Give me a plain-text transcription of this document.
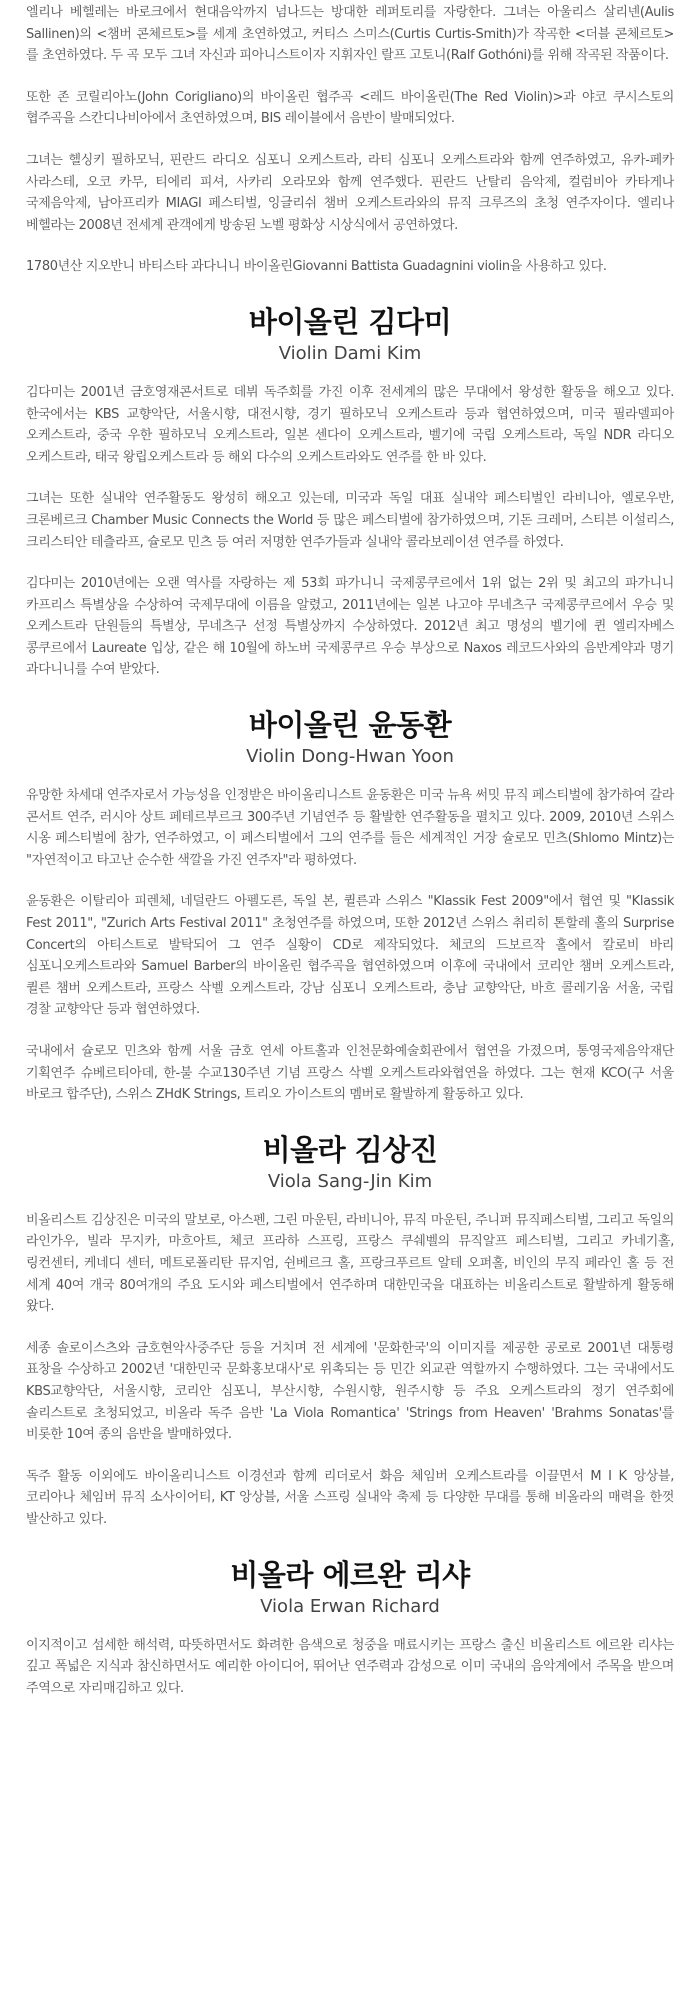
엘리나 베헬레는 바로크에서 현대음악까지 넘나드는 방대한 레퍼토리를 자랑한다. 그녀는 아울리스 살리넨(Aulis Sallinen)의 <챔버 콘체르토>를 세계 초연하였고, 커티스 스미스(Curtis Curtis-Smith)가 작곡한 <더블 콘체르토>를 초연하였다. 두 곡 모두 그녀 자신과 피아니스트이자 지휘자인 랄프 고토니(Ralf Gothóni)를 위해 작곡된 작품이다.

또한 존 코릴리아노(John Corigliano)의 바이올린 협주곡 <레드 바이올린(The Red Violin)>과 야코 쿠시스토의 협주곡을 스칸디나비아에서 초연하였으며, BIS 레이블에서 음반이 발매되었다.

그녀는 헬싱키 필하모닉, 핀란드 라디오 심포니 오케스트라, 라티 심포니 오케스트라와 함께 연주하였고, 유카-페카 사라스테, 오코 카무, 티에리 피셔, 사카리 오라모와 함께 연주했다. 핀란드 난탈리 음악제, 컬럼비아 카타게나 국제음악제, 남아프리카 MIAGI 페스티벌, 잉글리쉬 챔버 오케스트라와의 뮤직 크루즈의 초청 연주자이다. 엘리나 베헬라는 2008년 전세계 관객에게 방송된 노벨 평화상 시상식에서 공연하였다.

1780년산 지오반니 바티스타 과다니니 바이올린Giovanni Battista Guadagnini violin을 사용하고 있다.

바이올린 김다미
Violin Dami Kim

김다미는 2001년 금호영재콘서트로 데뷔 독주회를 가진 이후 전세계의 많은 무대에서 왕성한 활동을 해오고 있다. 한국에서는 KBS 교향악단, 서울시향, 대전시향, 경기 필하모닉 오케스트라 등과 협연하였으며, 미국 필라델피아 오케스트라, 중국 우한 필하모닉 오케스트라, 일본 센다이 오케스트라, 벨기에 국립 오케스트라, 독일 NDR 라디오 오케스트라, 태국 왕립오케스트라 등 해외 다수의 오케스트라와도 연주를 한 바 있다.

그녀는 또한 실내악 연주활동도 왕성히 해오고 있는데, 미국과 독일 대표 실내악 페스티벌인 라비니아, 엘로우반, 크론베르크 Chamber Music Connects the World 등 많은 페스티벌에 참가하였으며, 기돈 크레머, 스티븐 이설리스, 크리스티안 테츨라프, 슐로모 민츠 등 여러 저명한 연주가들과 실내악 콜라보레이션 연주를 하였다.

김다미는 2010년에는 오랜 역사를 자랑하는 제 53회 파가니니 국제콩쿠르에서 1위 없는 2위 및 최고의 파가니니 카프리스 특별상을 수상하여 국제무대에 이름을 알렸고, 2011년에는 일본 나고야 무네츠구 국제콩쿠르에서 우승 및 오케스트라 단원들의 특별상, 무네츠구 선정 특별상까지 수상하였다. 2012년 최고 명성의 벨기에 퀸 엘리자베스 콩쿠르에서 Laureate 입상, 같은 해 10월에 하노버 국제콩쿠르 우승 부상으로 Naxos 레코드사와의 음반계약과 명기 과다니니를 수여 받았다.

바이올린 윤동환
Violin Dong-Hwan Yoon

유망한 차세대 연주자로서 가능성을 인정받은 바이올리니스트 윤동환은 미국 뉴욕 써밋 뮤직 페스티벌에 참가하여 갈라 콘서트 연주, 러시아 상트 페테르부르크 300주년 기념연주 등 활발한 연주활동을 펼치고 있다. 2009, 2010년 스위스 시옹 페스티벌에 참가, 연주하였고, 이 페스티벌에서 그의 연주를 들은 세계적인 거장 슐로모 민츠(Shlomo Mintz)는 "자연적이고 타고난 순수한 색깔을 가진 연주자"라 평하였다.

윤동환은 이탈리아 피렌체, 네덜란드 아펠도른, 독일 본, 퀼른과 스위스 "Klassik Fest 2009"에서 협연 및 "Klassik Fest 2011", "Zurich Arts Festival 2011" 초청연주를 하였으며, 또한 2012년 스위스 취리히 톤할레 홀의 Surprise Concert의 아티스트로 발탁되어 그 연주 실황이 CD로 제작되었다. 체코의 드보르작 홀에서 칼로비 바리 심포니오케스트라와 Samuel Barber의 바이올린 협주곡을 협연하였으며 이후에 국내에서 코리안 챔버 오케스트라, 퀼른 챔버 오케스트라, 프랑스 삭벨 오케스트라, 강남 심포니 오케스트라, 충남 교향악단, 바흐 콜레기움 서울, 국립 경찰 교향악단 등과 협연하였다.

국내에서 슐로모 민츠와 함께 서울 금호 연세 아트홀과 인천문화예술회관에서 협연을 가졌으며, 통영국제음악재단 기획연주 슈베르티아데, 한-불 수교130주년 기념 프랑스 삭벨 오케스트라와협연을 하였다. 그는 현재 KCO(구 서울 바로크 합주단), 스위스 ZHdK Strings, 트리오 가이스트의 멤버로 활발하게 활동하고 있다.

비올라 김상진
Viola Sang-Jin Kim

비올리스트 김상진은 미국의 말보로, 아스펜, 그린 마운틴, 라비니아, 뮤직 마운틴, 주니퍼 뮤직페스티벌, 그리고 독일의 라인가우, 빌라 무지카, 마흐아트, 체코 프라하 스프링, 프랑스 쿠쉐벨의 뮤직알프 페스티벌, 그리고 카네기홀, 링컨센터, 케네디 센터, 메트로폴리탄 뮤지엄, 쉰베르크 홀, 프랑크푸르트 알테 오퍼홀, 비인의 무직 페라인 홀 등 전 세계 40여 개국 80여개의 주요 도시와 페스티벌에서 연주하며 대한민국을 대표하는 비올리스트로 활발하게 활동해 왔다.

세종 솔로이스츠와 금호현악사중주단 등을 거치며 전 세계에 '문화한국'의 이미지를 제공한 공로로 2001년 대통령 표창을 수상하고 2002년 '대한민국 문화홍보대사'로 위촉되는 등 민간 외교관 역할까지 수행하였다. 그는 국내에서도 KBS교향악단, 서울시향, 코리안 심포니, 부산시향, 수원시향, 원주시향 등 주요 오케스트라의 정기 연주회에 솔리스트로 초청되었고, 비올라 독주 음반 'La Viola Romantica' 'Strings from Heaven' 'Brahms Sonatas'를 비롯한 10여 종의 음반을 발매하였다.

독주 활동 이외에도 바이올리니스트 이경선과 함께 리더로서 화음 체임버 오케스트라를 이끌면서 M I K 앙상블, 코리아나 체임버 뮤직 소사이어티, KT 앙상블, 서울 스프링 실내악 축제 등 다양한 무대를 통해 비올라의 매력을 한껏 발산하고 있다.

비올라 에르완 리샤
Viola Erwan Richard

이지적이고 섬세한 해석력, 따뜻하면서도 화려한 음색으로 청중을 매료시키는 프랑스 출신 비올리스트 에르완 리샤는 깊고 폭넓은 지식과 참신하면서도 예리한 아이디어, 뛰어난 연주력과 감성으로 이미 국내의 음악계에서 주목을 받으며 주역으로 자리매김하고 있다.
